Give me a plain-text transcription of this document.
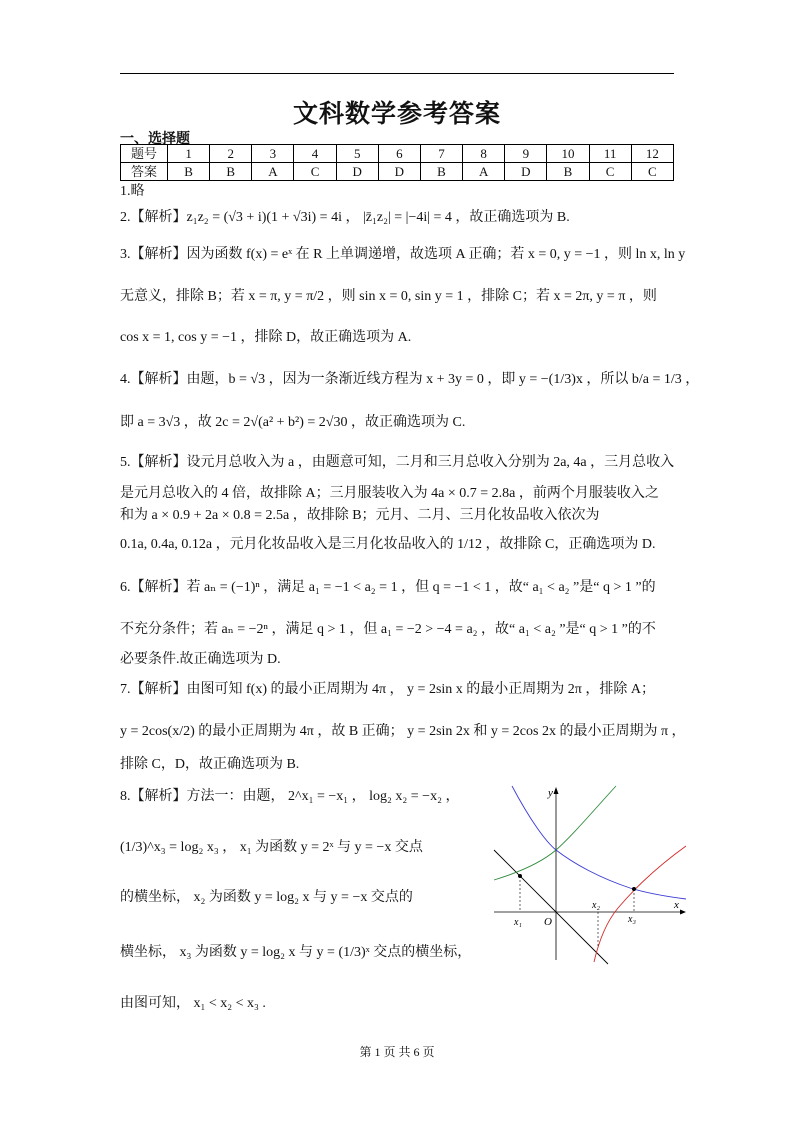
文科数学参考答案
一、选择题
题号	1	2	3	4	5	6	7	8	9	10	11	12
答案	B	B	A	C	D	D	B	A	D	B	C	C
1.略
2.【解析】z₁z₂ = (√3 + i)(1 + √3i) = 4i ， |z̄₁z₂| = |−4i| = 4 ，故正确选项为 B.
3.【解析】因为函数 f(x) = eˣ 在 R 上单调递增，故选项 A 正确；若 x = 0, y = −1 ，则 ln x, ln y
无意义，排除 B；若 x = π, y = π/2 ，则 sin x = 0, sin y = 1 ，排除 C；若 x = 2π, y = π ，则
cos x = 1, cos y = −1 ，排除 D，故正确选项为 A.
4.【解析】由题，b = √3 ，因为一条渐近线方程为 x + 3y = 0 ，即 y = −(1/3)x ，所以 b/a = 1/3 ，
即 a = 3√3 ，故 2c = 2√(a² + b²) = 2√30 ，故正确选项为 C.
5.【解析】设元月总收入为 a ，由题意可知，二月和三月总收入分别为 2a, 4a ，三月总收入
是元月总收入的 4 倍，故排除 A；三月服装收入为 4a × 0.7 = 2.8a ，前两个月服装收入之
和为 a × 0.9 + 2a × 0.8 = 2.5a ，故排除 B；元月、二月、三月化妆品收入依次为
0.1a, 0.4a, 0.12a ，元月化妆品收入是三月化妆品收入的 1/12 ，故排除 C，正确选项为 D.
6.【解析】若 aₙ = (−1)ⁿ ，满足 a₁ = −1 < a₂ = 1 ，但 q = −1 < 1 ，故“ a₁ < a₂ ”是“ q > 1 ”的
不充分条件；若 aₙ = −2ⁿ ，满足 q > 1 ，但 a₁ = −2 > −4 = a₂ ，故“ a₁ < a₂ ”是“ q > 1 ”的不
必要条件.故正确选项为 D.
7.【解析】由图可知 f(x) 的最小正周期为 4π ， y = 2sin x 的最小正周期为 2π ，排除 A；
y = 2cos(x/2) 的最小正周期为 4π ，故 B 正确； y = 2sin 2x 和 y = 2cos 2x 的最小正周期为 π ，
排除 C，D，故正确选项为 B.
8.【解析】方法一：由题， 2^x₁ = −x₁ ， log₂ x₂ = −x₂ ，
(1/3)^x₃ = log₂ x₃ ， x₁ 为函数 y = 2ˣ 与 y = −x 交点
的横坐标， x₂ 为函数 y = log₂ x 与 y = −x 交点的
横坐标， x₃ 为函数 y = log₂ x 与 y = (1/3)ˣ 交点的横坐标，
由图可知， x₁ < x₂ < x₃ .
y
x
O
x₁
x₂
x₃
第 1 页 共 6 页
